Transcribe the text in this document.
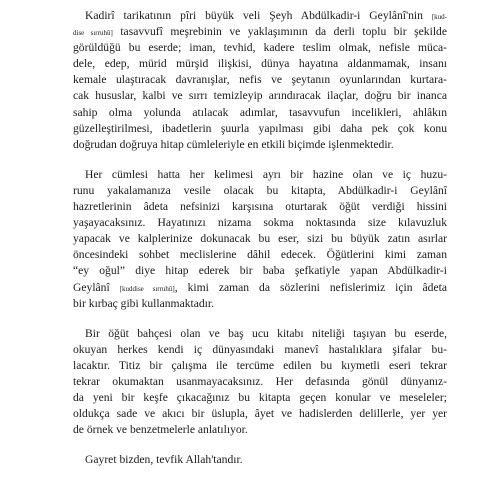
Kadirî tarikatının pîri büyük veli Şeyh Abdülkadir-i Geylânî'nin [kud-
dise sırruhû] tasavvufî meşrebinin ve yaklaşımının da derli toplu bir şekilde
görüldüğü bu eserde; iman, tevhid, kadere teslim olmak, nefisle müca-
dele, edep, mürid mürşid ilişkisi, dünya hayatına aldanmamak, insanı
kemale ulaştıracak davranışlar, nefis ve şeytanın oyunlarından kurtara-
cak hususlar, kalbi ve sırrı temizleyip arındıracak ilaçlar, doğru bir inanca
sahip olma yolunda atılacak adımlar, tasavvufun incelikleri, ahlâkın
güzelleştirilmesi, ibadetlerin şuurla yapılması gibi daha pek çok konu
doğrudan doğruya hitap cümleleriyle en etkili biçimde işlenmektedir.
Her cümlesi hatta her kelimesi ayrı bir hazine olan ve iç huzu-
runu yakalamanıza vesile olacak bu kitapta, Abdülkadir-i Geylânî
hazretlerinin âdeta nefsinizi karşısına oturtarak öğüt verdiği hissini
yaşayacaksınız. Hayatınızı nizama sokma noktasında size kılavuzluk
yapacak ve kalplerinize dokunacak bu eser, sizi bu büyük zatın asırlar
öncesindeki sohbet meclislerine dâhil edecek. Öğütlerini kimi zaman
“ey oğul” diye hitap ederek bir baba şefkatiyle yapan Abdülkadir-i
Geylânî [kuddise sırruhû], kimi zaman da sözlerini nefislerimiz için âdeta
bir kırbaç gibi kullanmaktadır.
Bir öğüt bahçesi olan ve baş ucu kitabı niteliği taşıyan bu eserde,
okuyan herkes kendi iç dünyasındaki manevî hastalıklara şifalar bu-
lacaktır. Titiz bir çalışma ile tercüme edilen bu kıymetli eseri tekrar
tekrar okumaktan usanmayacaksınız. Her defasında gönül dünyanız-
da yeni bir keşfe çıkacağınız bu kitapta geçen konular ve meseleler;
oldukça sade ve akıcı bir üslupla, âyet ve hadislerden delillerle, yer yer
de örnek ve benzetmelerle anlatılıyor.
Gayret bizden, tevfik Allah'tandır.
